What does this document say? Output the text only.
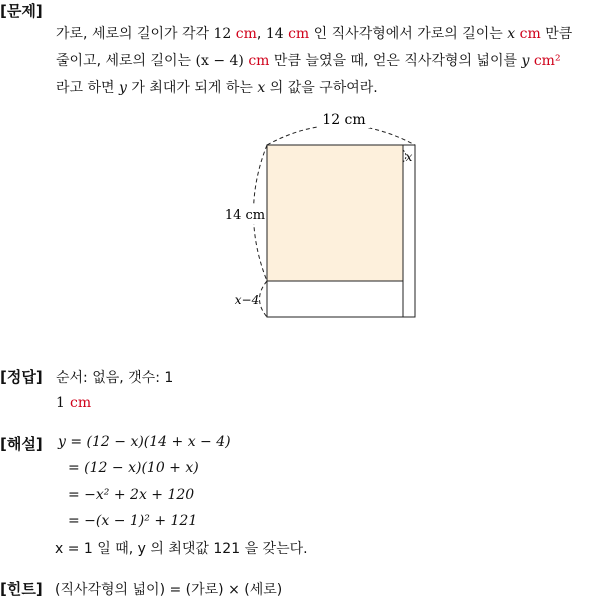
[문제]
가로, 세로의 길이가 각각 12 cm, 14 cm 인 직사각형에서 가로의 길이는 x cm 만큼
줄이고, 세로의 길이는 (x − 4) cm 만큼 늘였을 때, 얻은 직사각형의 넓이를 y cm²
라고 하면 y 가 최대가 되게 하는 x 의 값을 구하여라.
12 cm
14 cm
x
x−4
[정답] 순서: 없음, 갯수: 1
1 cm
[해설] y = (12 − x)(14 + x − 4)
= (12 − x)(10 + x)
= −x² + 2x + 120
= −(x − 1)² + 121
x = 1 일 때, y 의 최댓값 121 을 갖는다.
[힌트] (직사각형의 넓이) = (가로) × (세로)
